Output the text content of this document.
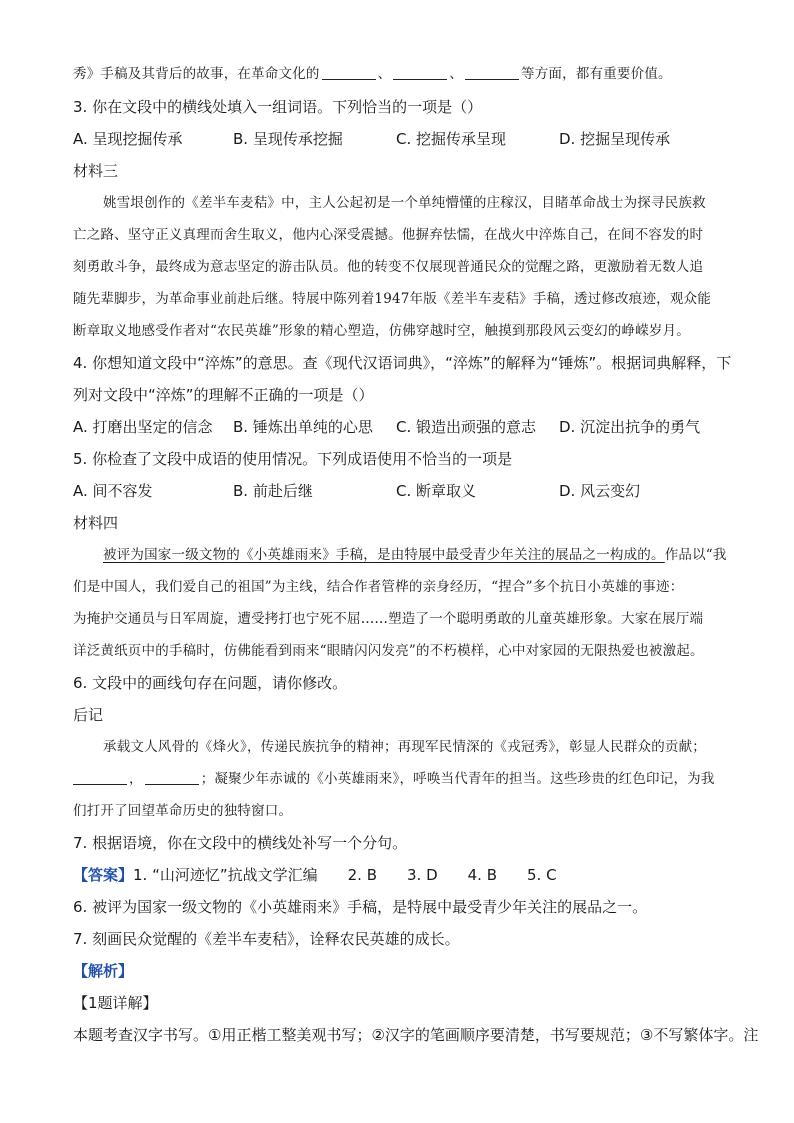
秀》手稿及其背后的故事，在革命文化的	、	、	等方面，都有重要价值。
3. 你在文段中的横线处填入一组词语。下列恰当的一项是（）
A. 呈现挖掘传承	B. 呈现传承挖掘	C. 挖掘传承呈现	D. 挖掘呈现传承
材料三
姚雪垠创作的《差半车麦秸》中，主人公起初是一个单纯懵懂的庄稼汉，目睹革命战士为探寻民族救
亡之路、坚守正义真理而舍生取义，他内心深受震撼。他摒弃怯懦，在战火中淬炼自己，在间不容发的时
刻勇敢斗争，最终成为意志坚定的游击队员。他的转变不仅展现普通民众的觉醒之路，更激励着无数人追
随先辈脚步，为革命事业前赴后继。特展中陈列着1947年版《差半车麦秸》手稿，透过修改痕迹，观众能
断章取义地感受作者对“农民英雄”形象的精心塑造，仿佛穿越时空，触摸到那段风云变幻的峥嵘岁月。
4. 你想知道文段中“淬炼”的意思。查《现代汉语词典》，“淬炼”的解释为“锤炼”。根据词典解释，下
列对文段中“淬炼”的理解不正确的一项是（）
A. 打磨出坚定的信念	B. 锤炼出单纯的心思	C. 锻造出顽强的意志	D. 沉淀出抗争的勇气
5. 你检查了文段中成语的使用情况。下列成语使用不恰当的一项是
A. 间不容发	B. 前赴后继	C. 断章取义	D. 风云变幻
材料四
被评为国家一级文物的《小英雄雨来》手稿，是由特展中最受青少年关注的展品之一构成的。作品以“我
们是中国人，我们爱自己的祖国”为主线，结合作者管桦的亲身经历，“捏合”多个抗日小英雄的事迹：
为掩护交通员与日军周旋，遭受拷打也宁死不屈……塑造了一个聪明勇敢的儿童英雄形象。大家在展厅端
详泛黄纸页中的手稿时，仿佛能看到雨来“眼睛闪闪发亮”的不朽模样，心中对家园的无限热爱也被激起。
6. 文段中的画线句存在问题，请你修改。
后记
承载文人风骨的《烽火》，传递民族抗争的精神；再现军民情深的《戎冠秀》，彰显人民群众的贡献；
，	；凝聚少年赤诚的《小英雄雨来》，呼唤当代青年的担当。这些珍贵的红色印记，为我
们打开了回望革命历史的独特窗口。
7. 根据语境，你在文段中的横线处补写一个分句。
【答案】1. “山河迹忆”抗战文学汇编　　2. B　　3. D　　4. B　　5. C
6. 被评为国家一级文物的《小英雄雨来》手稿，是特展中最受青少年关注的展品之一。
7. 刻画民众觉醒的《差半车麦秸》，诠释农民英雄的成长。
【解析】
【1题详解】
本题考查汉字书写。①用正楷工整美观书写；②汉字的笔画顺序要清楚，书写要规范；③不写繁体字。注
